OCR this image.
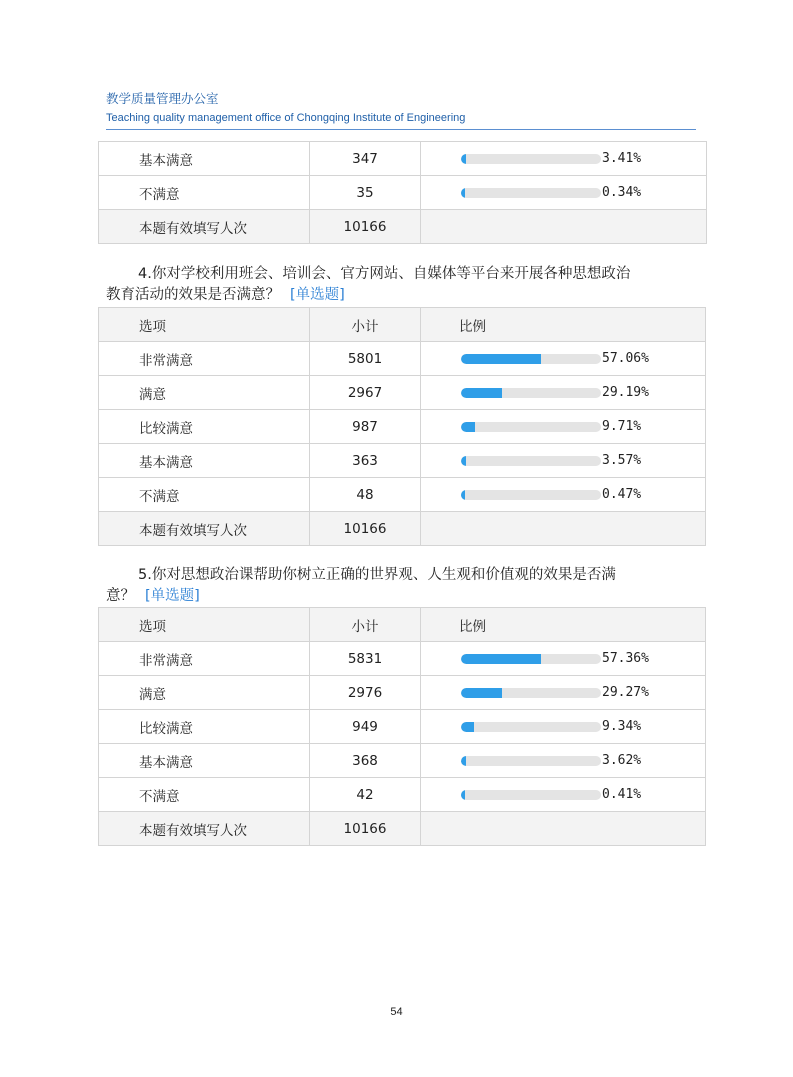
教学质量管理办公室
Teaching quality management office of Chongqing Institute of Engineering
基本满意	347	3.41%

不满意	35	0.34%

本题有效填写人次	10166	
4.你对学校利用班会、培训会、官方网站、自媒体等平台来开展各种思想政治
教育活动的效果是否满意？ [单选题]
选项	小计	比例
非常满意	5801	57.06%

满意	2967	29.19%

比较满意	987	9.71%

基本满意	363	3.57%

不满意	48	0.47%

本题有效填写人次	10166	
5.你对思想政治课帮助你树立正确的世界观、人生观和价值观的效果是否满
意？ [单选题]
选项	小计	比例
非常满意	5831	57.36%

满意	2976	29.27%

比较满意	949	9.34%

基本满意	368	3.62%

不满意	42	0.41%

本题有效填写人次	10166	
54
